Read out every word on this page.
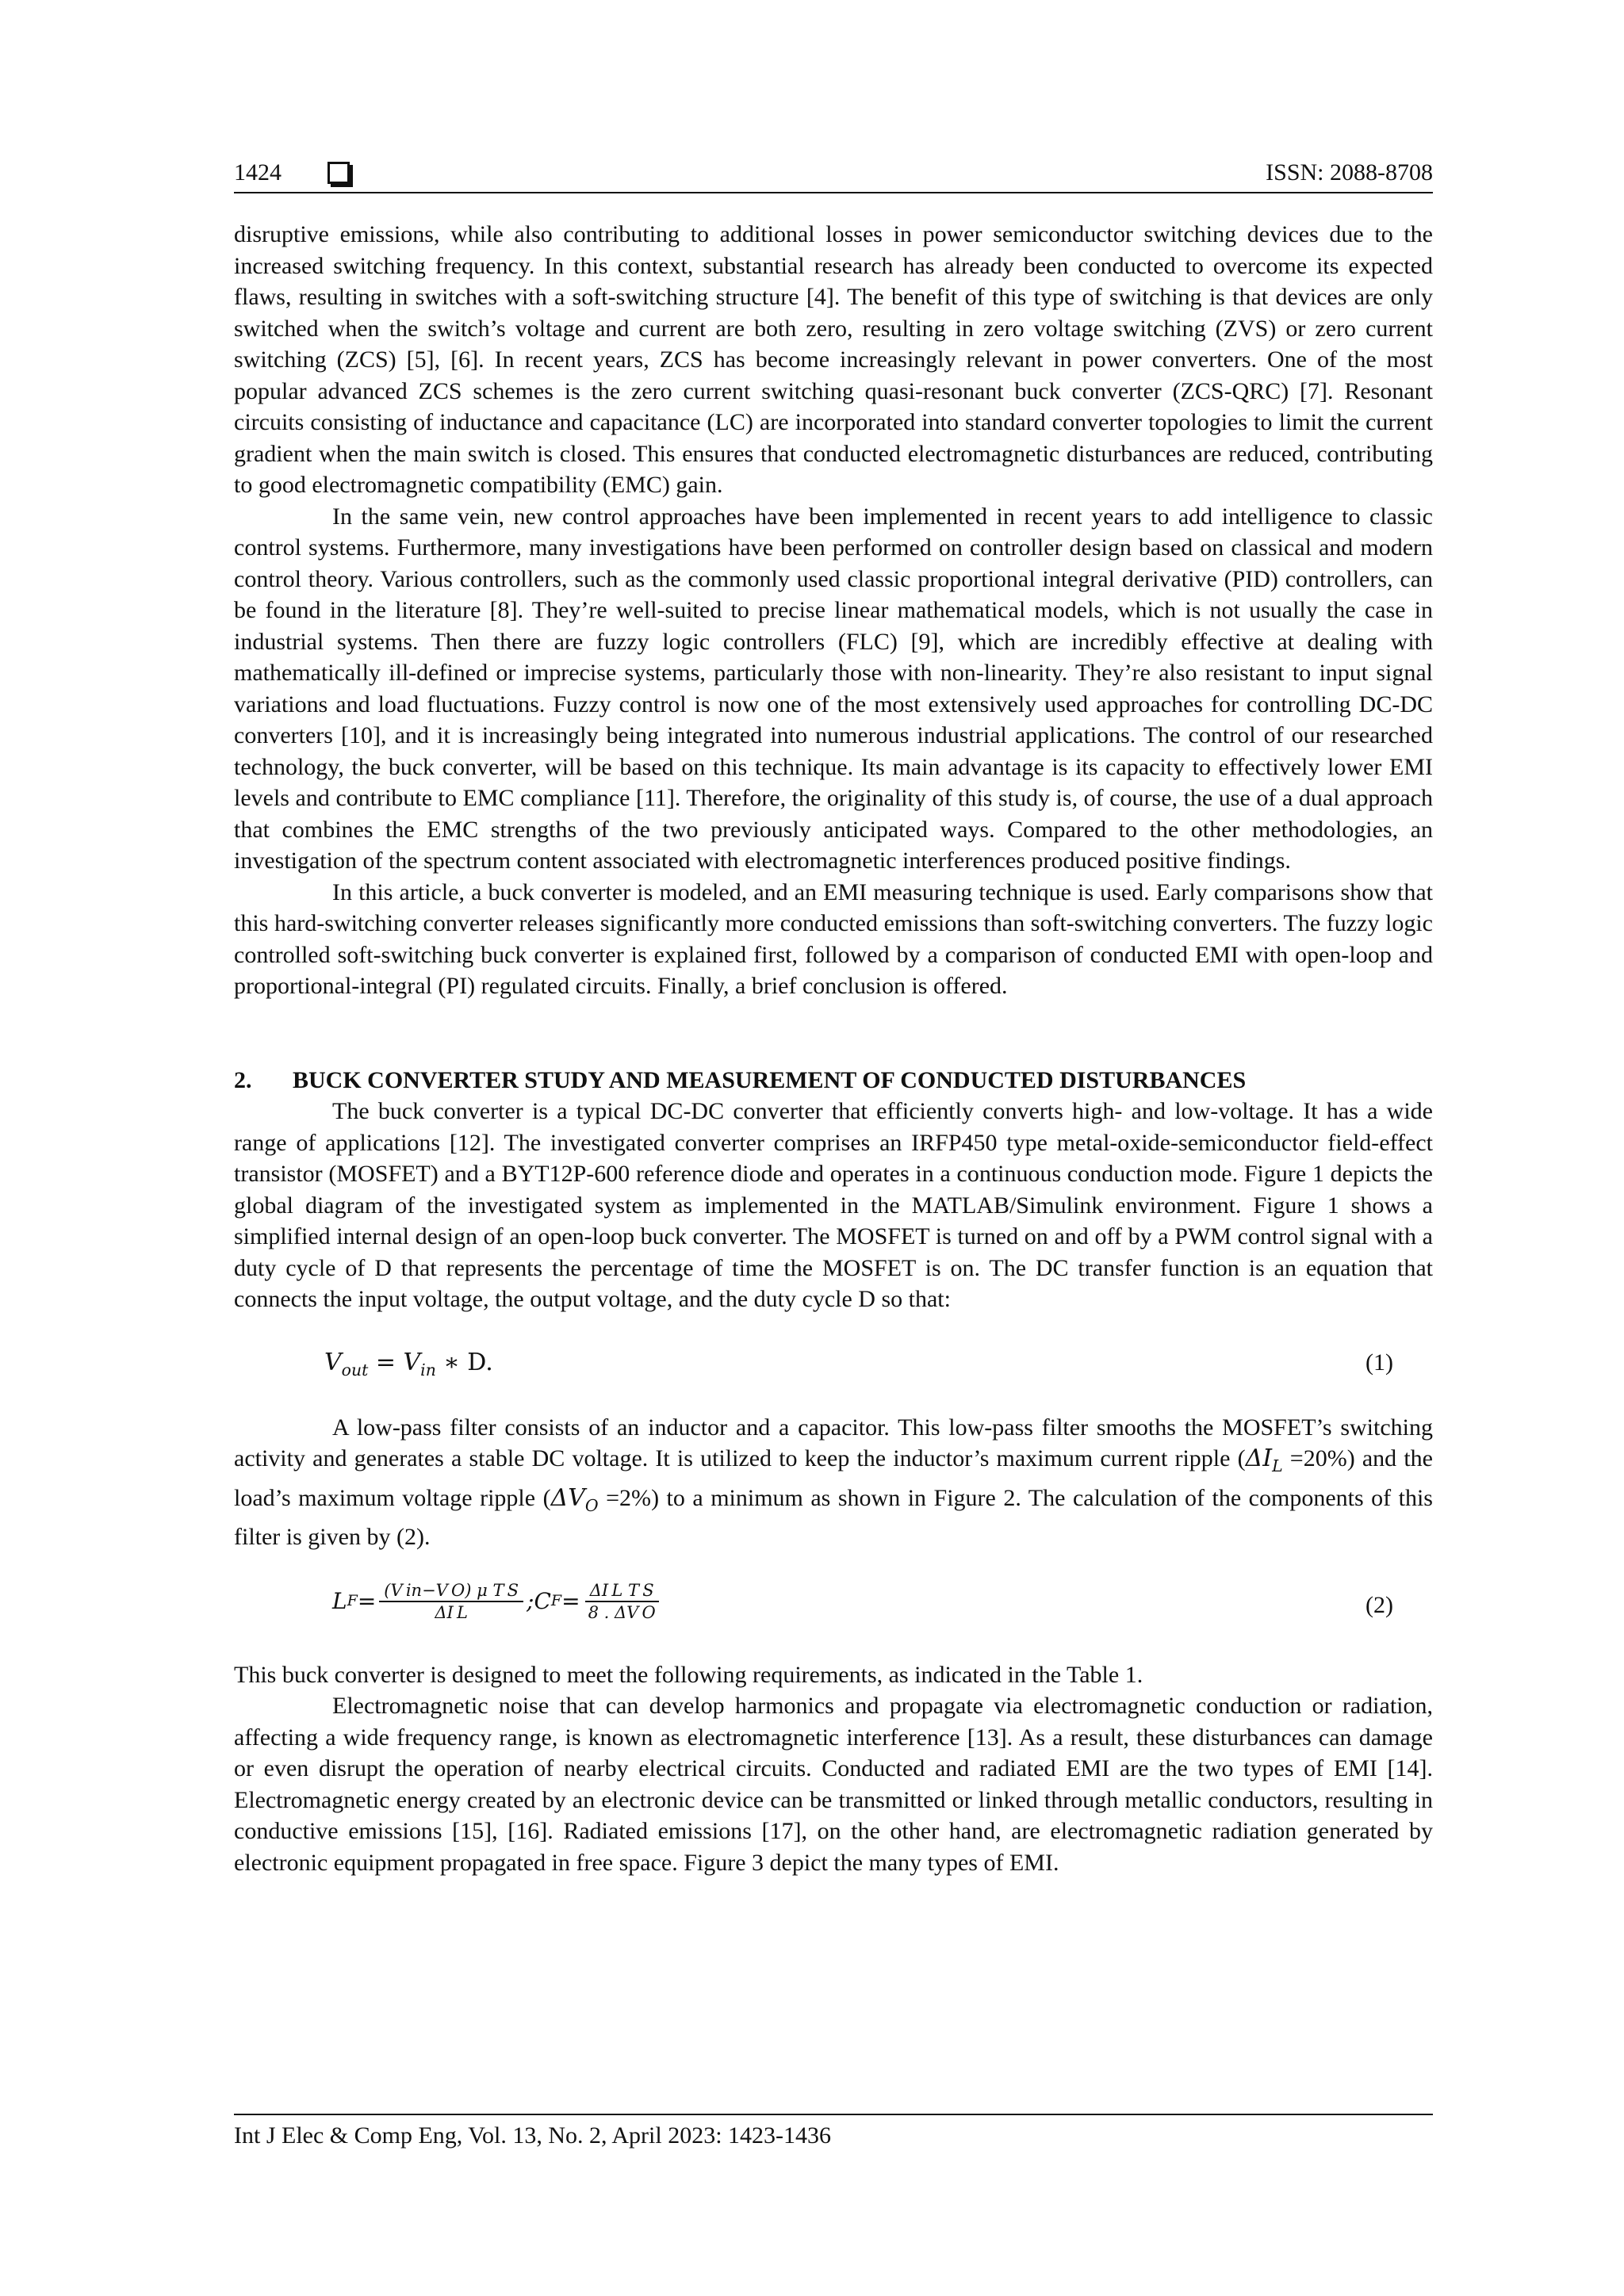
1424	ISSN: 2088-8708

disruptive emissions, while also contributing to additional losses in power semiconductor switching devices due to the increased switching frequency. In this context, substantial research has already been conducted to overcome its expected flaws, resulting in switches with a soft-switching structure [4]. The benefit of this type of switching is that devices are only switched when the switch’s voltage and current are both zero, resulting in zero voltage switching (ZVS) or zero current switching (ZCS) [5], [6]. In recent years, ZCS has become increasingly relevant in power converters. One of the most popular advanced ZCS schemes is the zero current switching quasi-resonant buck converter (ZCS-QRC) [7]. Resonant circuits consisting of inductance and capacitance (LC) are incorporated into standard converter topologies to limit the current gradient when the main switch is closed. This ensures that conducted electromagnetic disturbances are reduced, contributing to good electromagnetic compatibility (EMC) gain.

In the same vein, new control approaches have been implemented in recent years to add intelligence to classic control systems. Furthermore, many investigations have been performed on controller design based on classical and modern control theory. Various controllers, such as the commonly used classic proportional integral derivative (PID) controllers, can be found in the literature [8]. They’re well-suited to precise linear mathematical models, which is not usually the case in industrial systems. Then there are fuzzy logic controllers (FLC) [9], which are incredibly effective at dealing with mathematically ill-defined or imprecise systems, particularly those with non-linearity. They’re also resistant to input signal variations and load fluctuations. Fuzzy control is now one of the most extensively used approaches for controlling DC-DC converters [10], and it is increasingly being integrated into numerous industrial applications. The control of our researched technology, the buck converter, will be based on this technique. Its main advantage is its capacity to effectively lower EMI levels and contribute to EMC compliance [11]. Therefore, the originality of this study is, of course, the use of a dual approach that combines the EMC strengths of the two previously anticipated ways. Compared to the other methodologies, an investigation of the spectrum content associated with electromagnetic interferences produced positive findings.

In this article, a buck converter is modeled, and an EMI measuring technique is used. Early comparisons show that this hard-switching converter releases significantly more conducted emissions than soft-switching converters. The fuzzy logic controlled soft-switching buck converter is explained first, followed by a comparison of conducted EMI with open-loop and proportional-integral (PI) regulated circuits. Finally, a brief conclusion is offered.

2. BUCK CONVERTER STUDY AND MEASUREMENT OF CONDUCTED DISTURBANCES

The buck converter is a typical DC-DC converter that efficiently converts high- and low-voltage. It has a wide range of applications [12]. The investigated converter comprises an IRFP450 type metal-oxide-semiconductor field-effect transistor (MOSFET) and a BYT12P-600 reference diode and operates in a continuous conduction mode. Figure 1 depicts the global diagram of the investigated system as implemented in the MATLAB/Simulink environment. Figure 1 shows a simplified internal design of an open-loop buck converter. The MOSFET is turned on and off by a PWM control signal with a duty cycle of D that represents the percentage of time the MOSFET is on. The DC transfer function is an equation that connects the input voltage, the output voltage, and the duty cycle D so that:

$V_{out} = V_{in}$ ∗ D.	(1)

A low-pass filter consists of an inductor and a capacitor. This low-pass filter smooths the MOSFET’s switching activity and generates a stable DC voltage. It is utilized to keep the inductor’s maximum current ripple $(\Delta I_L =20\%)$ and the load’s maximum voltage ripple $(\Delta V_O =2\%)$ to a minimum as shown in Figure 2. The calculation of the components of this filter is given by (2).

L $F = \frac{\text{(V in−V O) μ T S}}{\text{ΔI L}}$ ; C $F = \frac{\text{ΔI L T S}}{\text{8 . ΔV O}}$	(2)

This buck converter is designed to meet the following requirements, as indicated in the Table 1.

Electromagnetic noise that can develop harmonics and propagate via electromagnetic conduction or radiation, affecting a wide frequency range, is known as electromagnetic interference [13]. As a result, these disturbances can damage or even disrupt the operation of nearby electrical circuits. Conducted and radiated EMI are the two types of EMI [14]. Electromagnetic energy created by an electronic device can be transmitted or linked through metallic conductors, resulting in conductive emissions [15], [16]. Radiated emissions [17], on the other hand, are electromagnetic radiation generated by electronic equipment propagated in free space. Figure 3 depict the many types of EMI.

Int J Elec & Comp Eng, Vol. 13, No. 2, April 2023: 1423-1436
